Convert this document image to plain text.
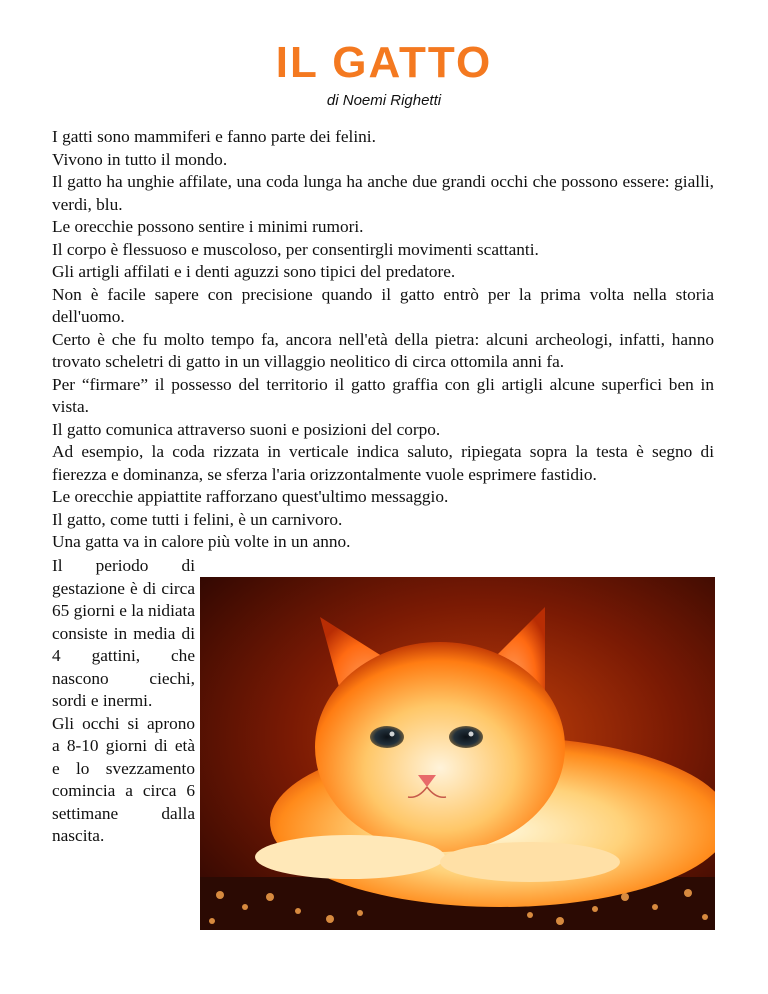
IL GATTO
di Noemi Righetti

I gatti sono mammiferi e fanno parte dei felini.

Vivono in tutto il mondo.

Il gatto ha unghie affilate, una coda lunga ha anche due grandi occhi che possono essere: gialli, verdi, blu.

Le orecchie possono sentire i minimi rumori.

Il corpo è flessuoso e muscoloso, per consentirgli movimenti scattanti.

Gli artigli affilati e i denti aguzzi sono tipici del predatore.

Non è facile sapere con precisione quando il gatto entrò per la prima volta nella storia dell'uomo.

Certo è che fu molto tempo fa, ancora nell'età della pietra: alcuni archeologi, infatti, hanno trovato scheletri di gatto in un villaggio neolitico di circa ottomila anni fa.

Per “firmare” il possesso del territorio il gatto graffia con gli artigli alcune superfici ben in vista.

Il gatto comunica attraverso suoni e posizioni del corpo.

Ad esempio, la coda rizzata in verticale indica saluto, ripiegata sopra la testa è segno di fierezza e dominanza, se sferza l'aria orizzontalmente vuole esprimere fastidio.

Le orecchie appiattite rafforzano quest'ultimo messaggio.

Il gatto, come tutti i felini, è un carnivoro.

Una gatta va in calore più volte in un anno.

Il periodo di gestazione è di circa 65 giorni e la nidiata consiste in media di 4 gattini, che nascono ciechi, sordi e inermi.

Gli occhi si aprono a 8-10 giorni di età e lo svezzamento comincia a circa 6 settimane dalla nascita.
